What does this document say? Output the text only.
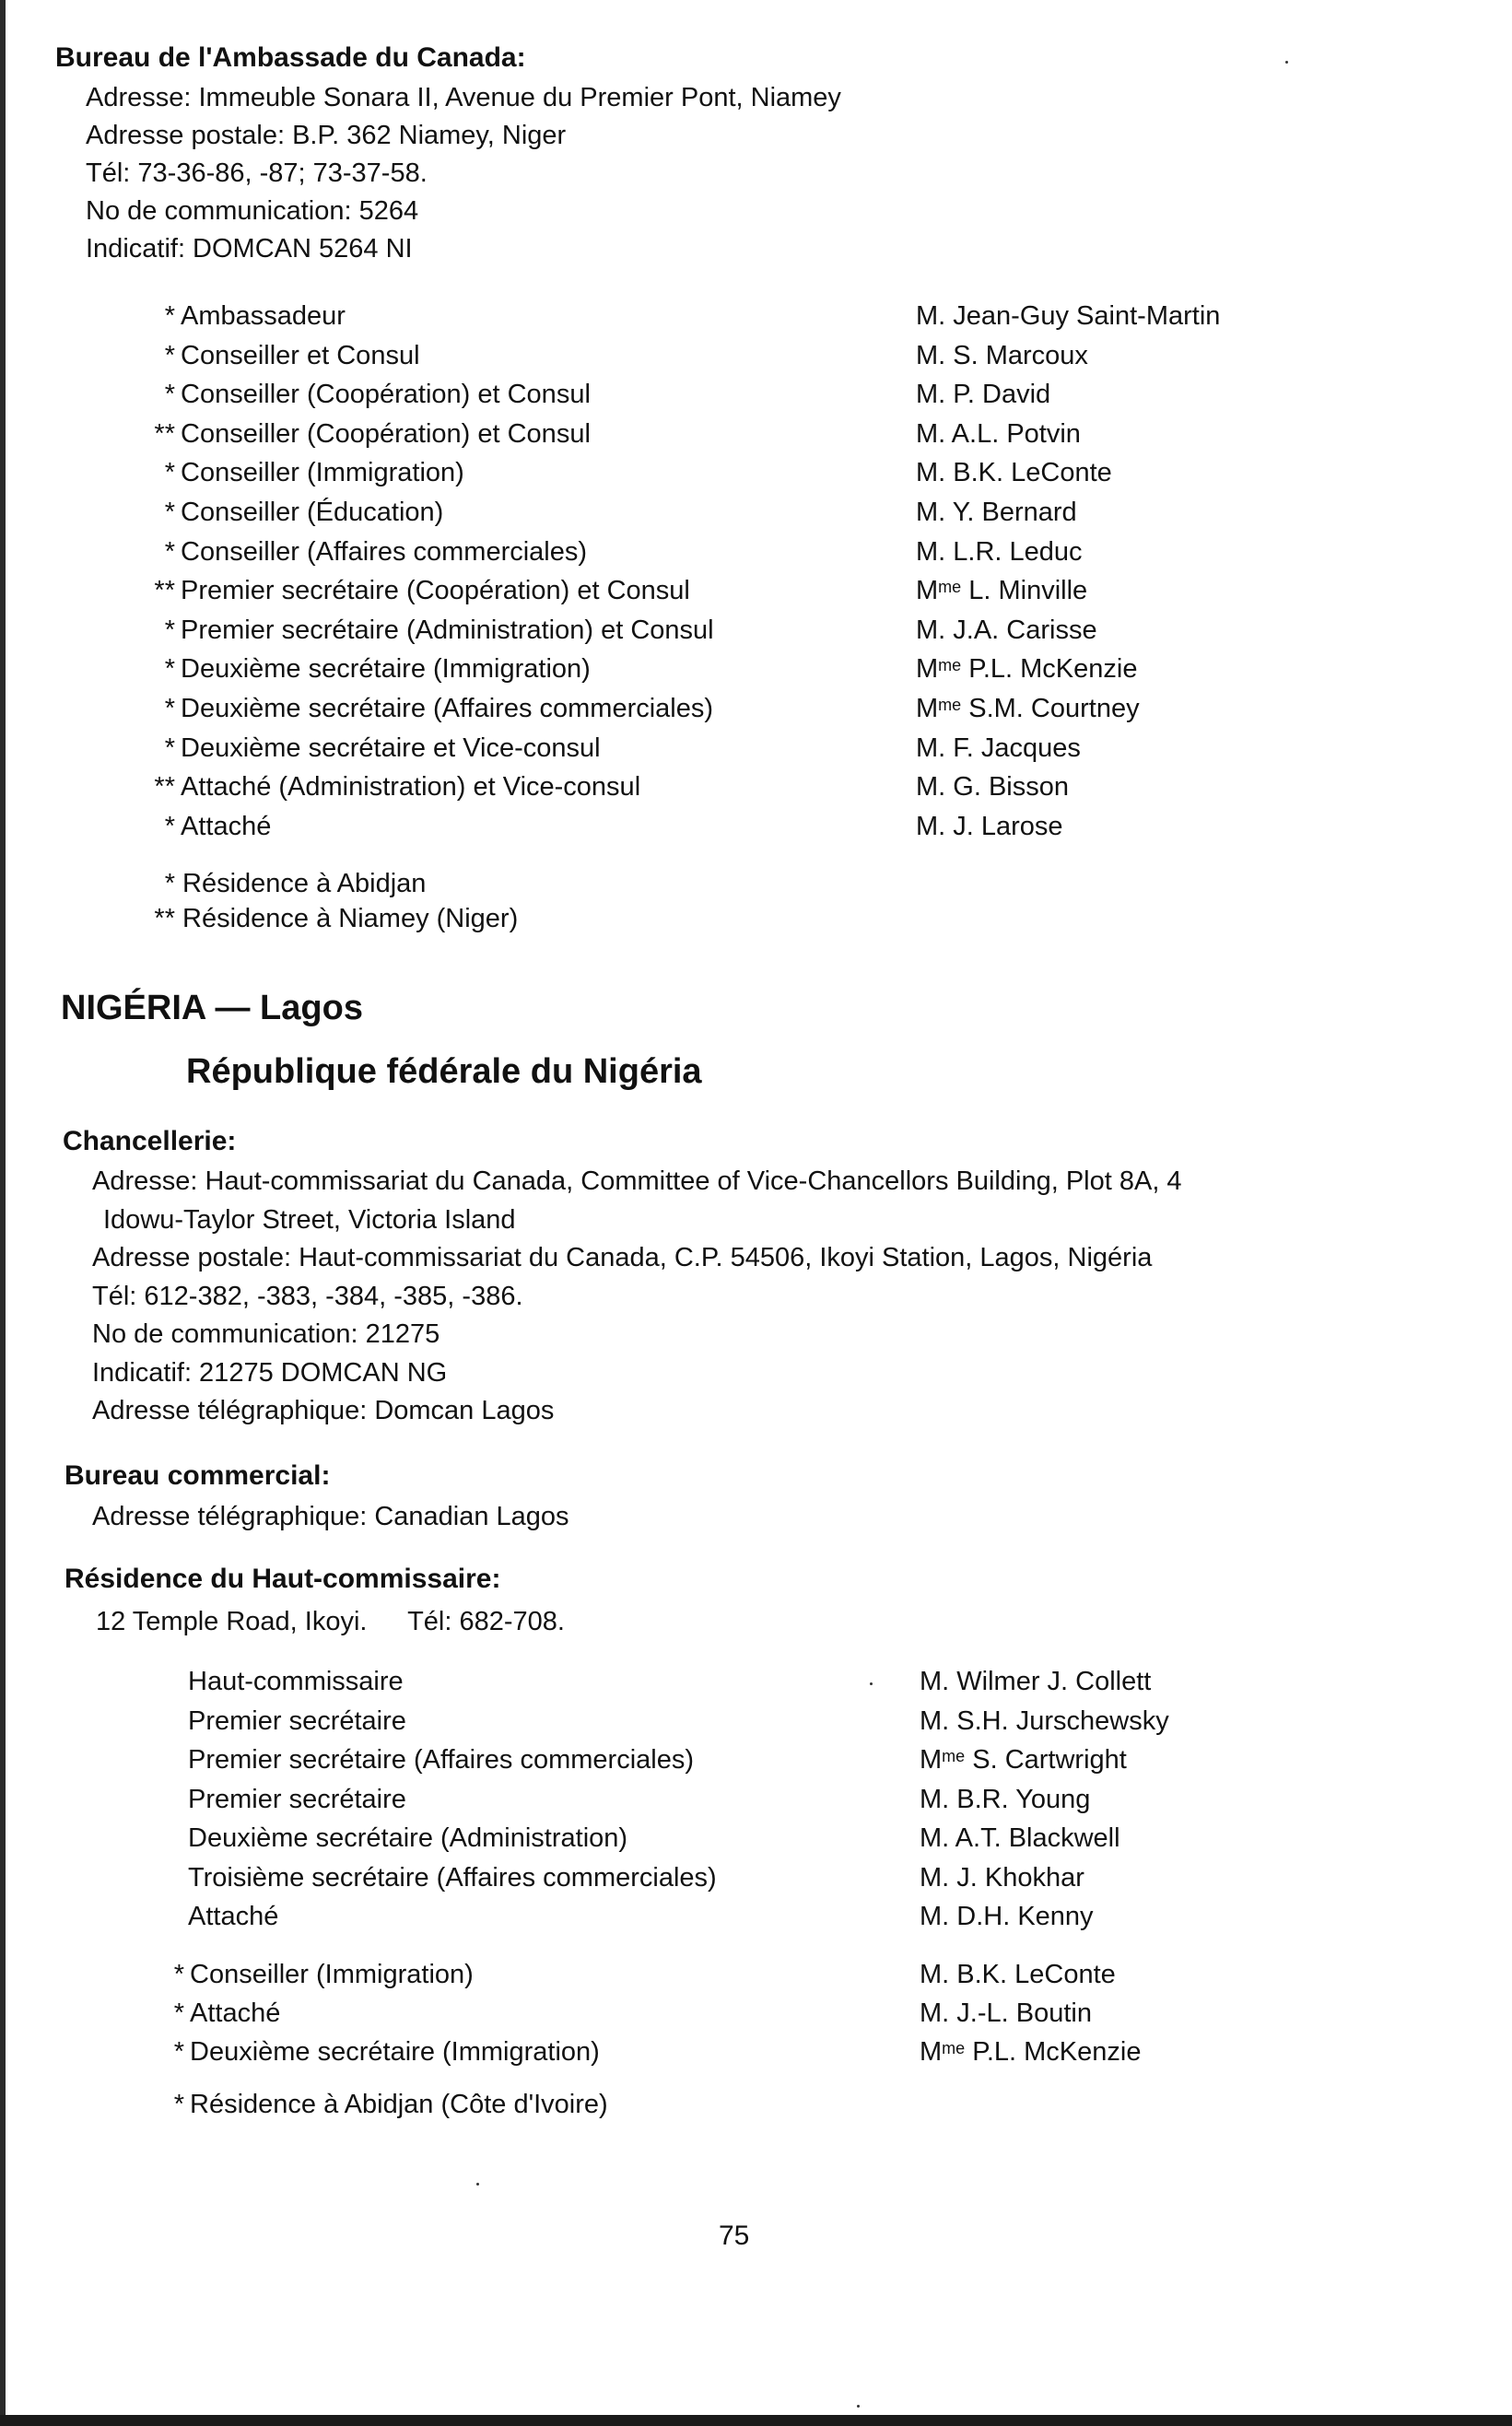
Bureau de l'Ambassade du Canada:
Adresse: Immeuble Sonara II, Avenue du Premier Pont, Niamey
Adresse postale: B.P. 362 Niamey, Niger
Tél: 73-36-86, -87; 73-37-58.
No de communication: 5264
Indicatif: DOMCAN 5264 NI
* Ambassadeur	M. Jean-Guy Saint-Martin
* Conseiller et Consul	M. S. Marcoux
* Conseiller (Coopération) et Consul	M. P. David
** Conseiller (Coopération) et Consul	M. A.L. Potvin
* Conseiller (Immigration)	M. B.K. LeConte
* Conseiller (Éducation)	M. Y. Bernard
* Conseiller (Affaires commerciales)	M. L.R. Leduc
** Premier secrétaire (Coopération) et Consul	$M^{me}$ L. Minville
* Premier secrétaire (Administration) et Consul	M. J.A. Carisse
* Deuxième secrétaire (Immigration)	$M^{me}$ P.L. McKenzie
* Deuxième secrétaire (Affaires commerciales)	$M^{me}$ S.M. Courtney
* Deuxième secrétaire et Vice-consul	M. F. Jacques
** Attaché (Administration) et Vice-consul	M. G. Bisson
* Attaché	M. J. Larose
* Résidence à Abidjan
** Résidence à Niamey (Niger)
NIGÉRIA — Lagos
République fédérale du Nigéria
Chancellerie:
Adresse: Haut-commissariat du Canada, Committee of Vice-Chancellors Building, Plot 8A, 4
Idowu-Taylor Street, Victoria Island
Adresse postale: Haut-commissariat du Canada, C.P. 54506, Ikoyi Station, Lagos, Nigéria
Tél: 612-382, -383, -384, -385, -386.
No de communication: 21275
Indicatif: 21275 DOMCAN NG
Adresse télégraphique: Domcan Lagos
Bureau commercial:
Adresse télégraphique: Canadian Lagos
Résidence du Haut-commissaire:
12 Temple Road, Ikoyi. Tél: 682-708.
Haut-commissaire	M. Wilmer J. Collett
Premier secrétaire	M. S.H. Jurschewsky
Premier secrétaire (Affaires commerciales)	$M^{me}$ S. Cartwright
Premier secrétaire	M. B.R. Young
Deuxième secrétaire (Administration)	M. A.T. Blackwell
Troisième secrétaire (Affaires commerciales)	M. J. Khokhar
Attaché	M. D.H. Kenny
* Conseiller (Immigration)	M. B.K. LeConte
* Attaché	M. J.-L. Boutin
* Deuxième secrétaire (Immigration)	$M^{me}$ P.L. McKenzie
* Résidence à Abidjan (Côte d'Ivoire)
75
